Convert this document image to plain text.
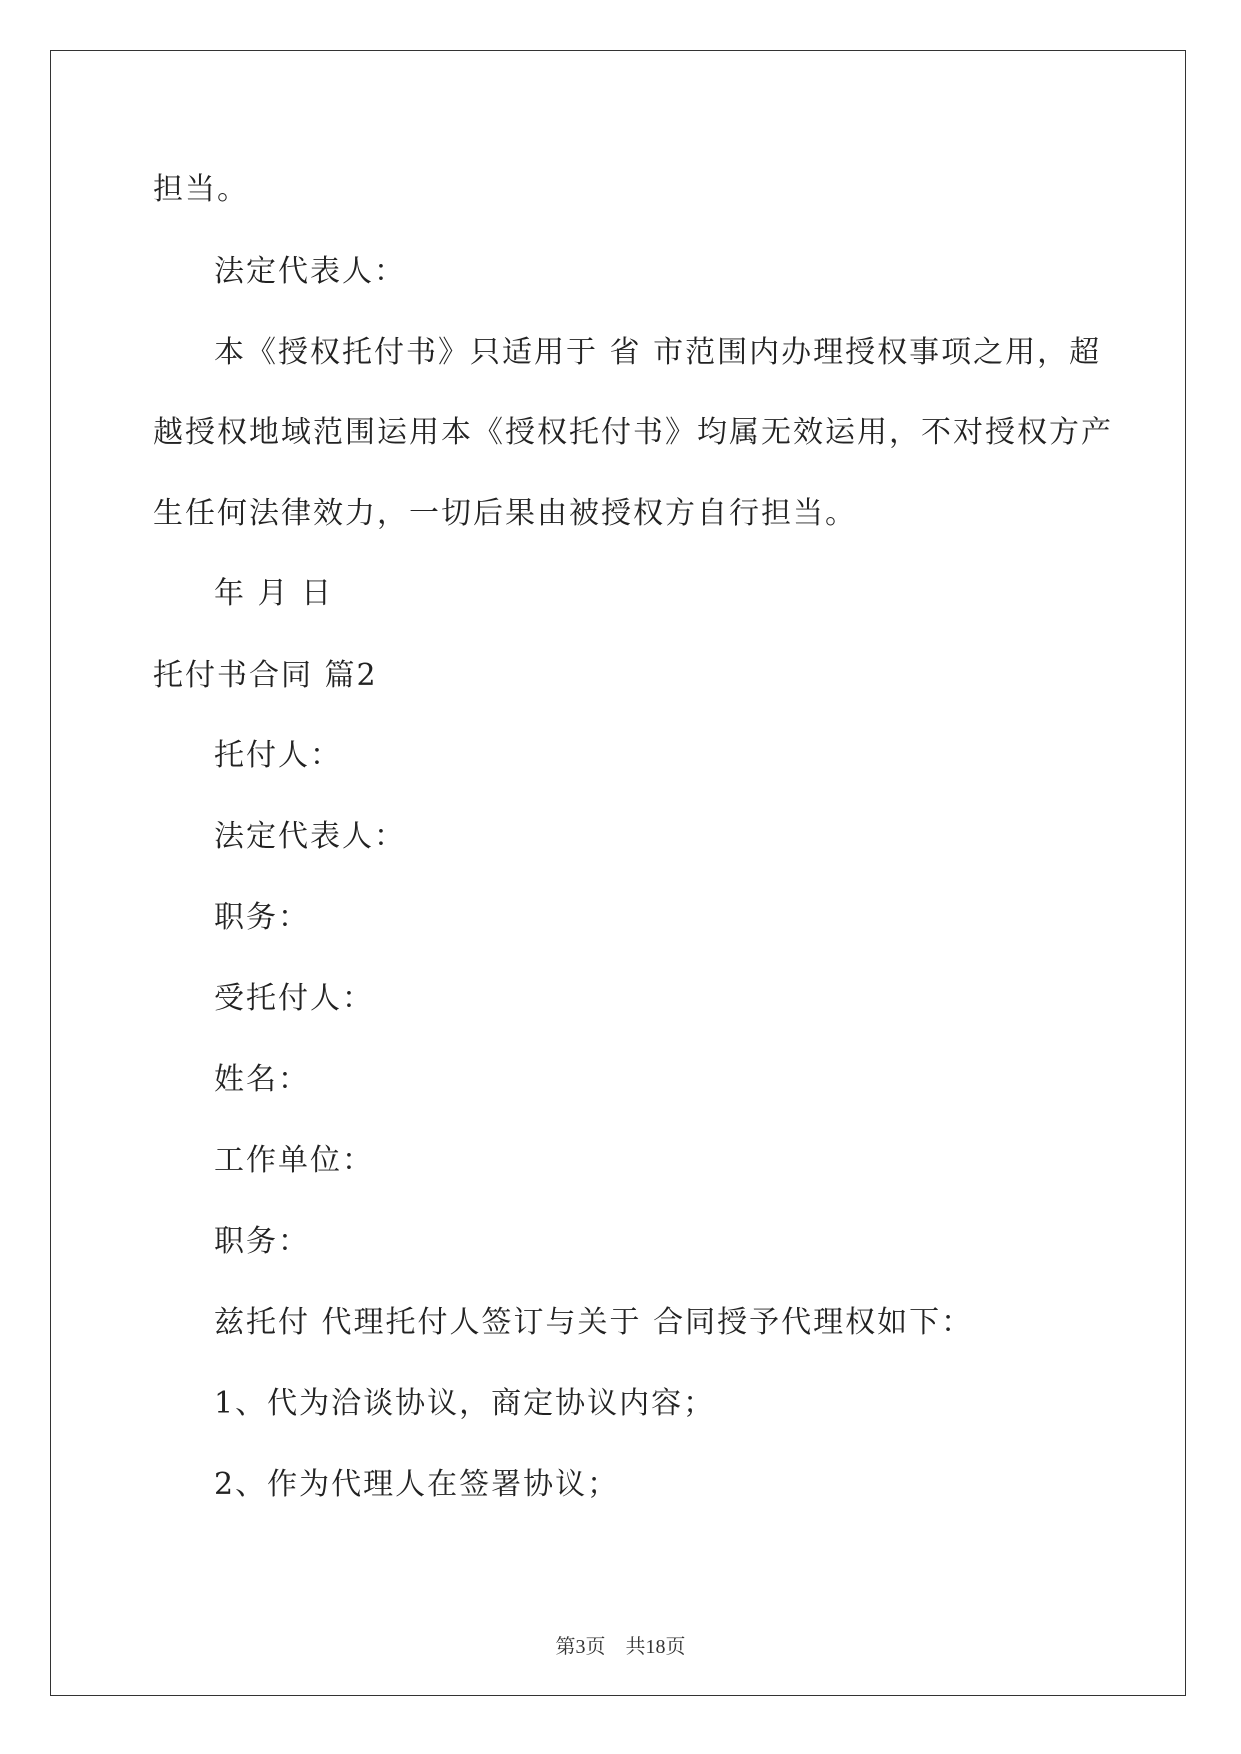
担当。

法定代表人：

本《授权托付书》只适用于 省 市范围内办理授权事项之用，超

越授权地域范围运用本《授权托付书》均属无效运用，不对授权方产

生任何法律效力，一切后果由被授权方自行担当。

年 月 日

托付书合同 篇2

托付人：

法定代表人：

职务：

受托付人：

姓名：

工作单位：

职务：

兹托付 代理托付人签订与关于 合同授予代理权如下：

1、代为洽谈协议，商定协议内容；

2、作为代理人在签署协议；

第3页 共18页
